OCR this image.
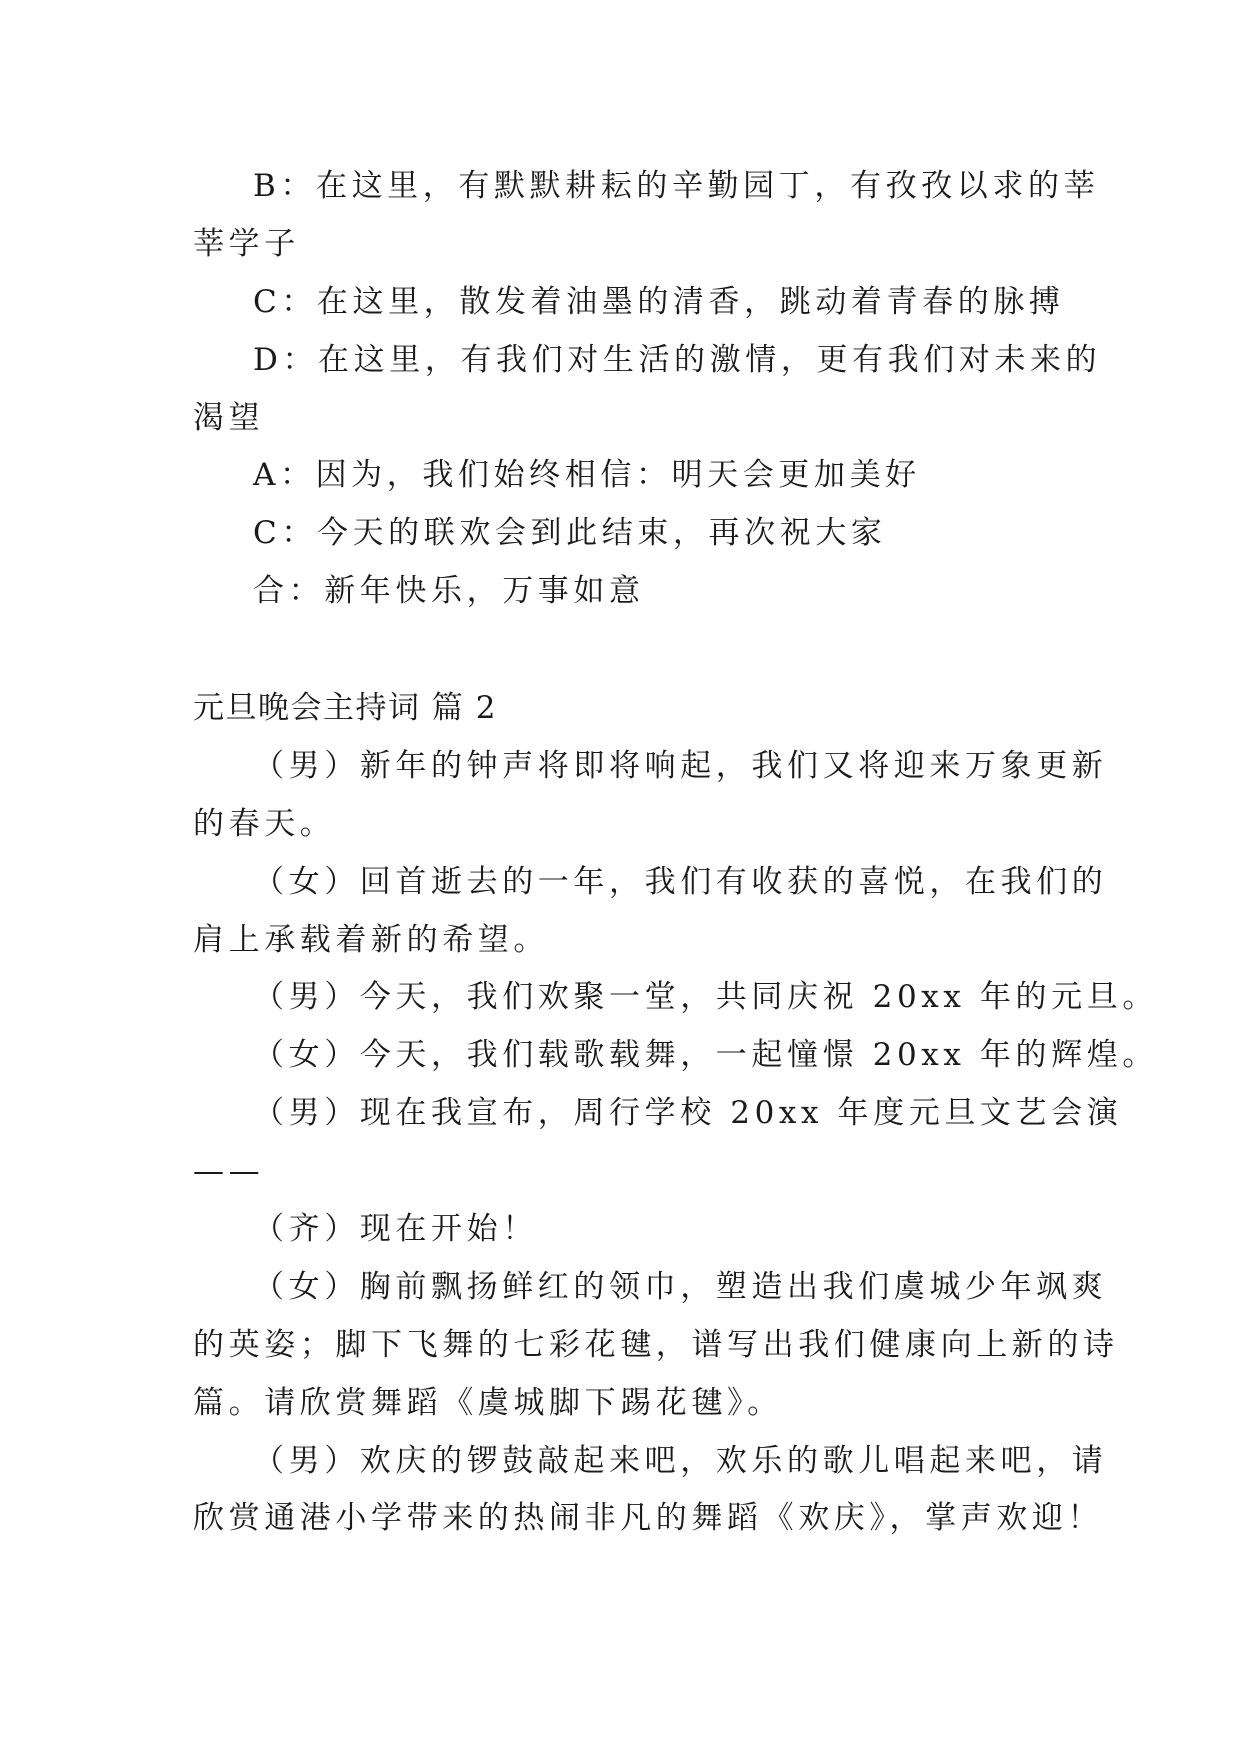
B：在这里，有默默耕耘的辛勤园丁，有孜孜以求的莘
莘学子
C：在这里，散发着油墨的清香，跳动着青春的脉搏
D：在这里，有我们对生活的激情，更有我们对未来的
渴望
A：因为，我们始终相信：明天会更加美好
C：今天的联欢会到此结束，再次祝大家
合：新年快乐，万事如意
元旦晚会主持词 篇 2
（男）新年的钟声将即将响起，我们又将迎来万象更新
的春天。
（女）回首逝去的一年，我们有收获的喜悦，在我们的
肩上承载着新的希望。
（男）今天，我们欢聚一堂，共同庆祝 20xx 年的元旦。
（女）今天，我们载歌载舞，一起憧憬 20xx 年的辉煌。
（男）现在我宣布，周行学校 20xx 年度元旦文艺会演
——
（齐）现在开始！
（女）胸前飘扬鲜红的领巾，塑造出我们虞城少年飒爽
的英姿；脚下飞舞的七彩花毽，谱写出我们健康向上新的诗
篇。请欣赏舞蹈《虞城脚下踢花毽》。
（男）欢庆的锣鼓敲起来吧，欢乐的歌儿唱起来吧，请
欣赏通港小学带来的热闹非凡的舞蹈《欢庆》，掌声欢迎！
